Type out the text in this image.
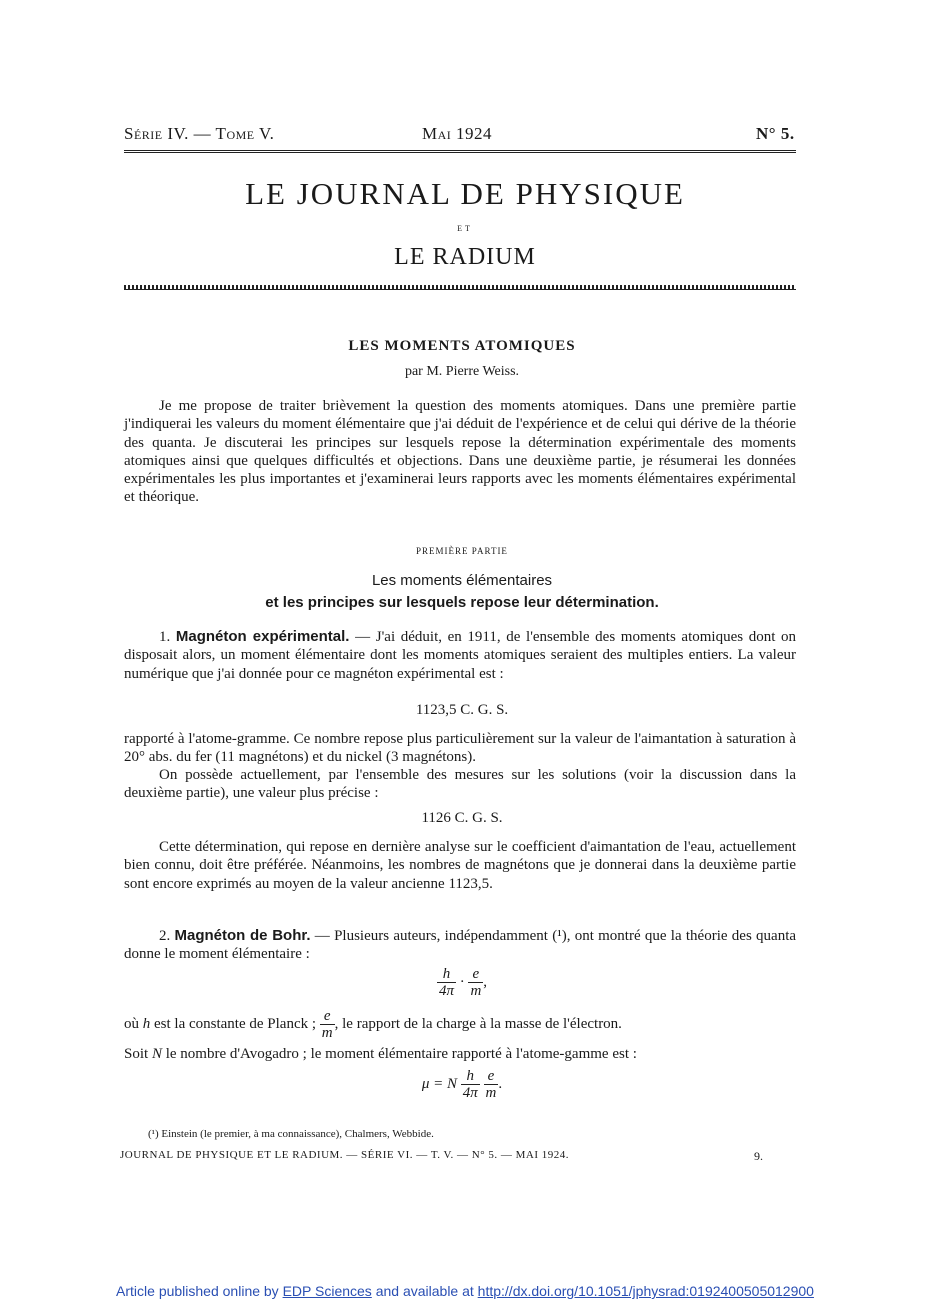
Série IV. — Tome V.	Mai 1924	N° 5.
LE JOURNAL DE PHYSIQUE
ET
LE RADIUM
LES MOMENTS ATOMIQUES
par M. Pierre Weiss.
Je me propose de traiter brièvement la question des moments atomiques. Dans une première partie j'indiquerai les valeurs du moment élémentaire que j'ai déduit de l'expérience et de celui qui dérive de la théorie des quanta. Je discuterai les principes sur lesquels repose la détermination expérimentale des moments atomiques ainsi que quelques difficultés et objections. Dans une deuxième partie, je résumerai les données expérimentales les plus importantes et j'examinerai leurs rapports avec les moments élémentaires expérimental et théorique.
PREMIÈRE PARTIE
Les moments élémentaires
et les principes sur lesquels repose leur détermination.
1. Magnéton expérimental. — J'ai déduit, en 1911, de l'ensemble des moments atomiques dont on disposait alors, un moment élémentaire dont les moments atomiques seraient des multiples entiers. La valeur numérique que j'ai donnée pour ce magnéton expérimental est :
1123,5 C. G. S.
rapporté à l'atome-gramme. Ce nombre repose plus particulièrement sur la valeur de l'aimantation à saturation à 20° abs. du fer (11 magnétons) et du nickel (3 magnétons).
On possède actuellement, par l'ensemble des mesures sur les solutions (voir la discussion dans la deuxième partie), une valeur plus précise :
1126 C. G. S.
Cette détermination, qui repose en dernière analyse sur le coefficient d'aimantation de l'eau, actuellement bien connu, doit être préférée. Néanmoins, les nombres de magnétons que je donnerai dans la deuxième partie sont encore exprimés au moyen de la valeur ancienne 1123,5.
2. Magnéton de Bohr. — Plusieurs auteurs, indépendamment (¹), ont montré que la théorie des quanta donne le moment élémentaire :
$\frac{h}{4\pi} \cdot \frac{e}{m}$ ,
où h est la constante de Planck ; $\frac{e}{m}$ , le rapport de la charge à la masse de l'électron.
Soit N le nombre d'Avogadro ; le moment élémentaire rapporté à l'atome-gamme est :
μ = N $\frac{h}{4\pi}$
$\frac{e}{m}$ .
(¹) Einstein (le premier, à ma connaissance), Chalmers, Webbide.
JOURNAL DE PHYSIQUE ET LE RADIUM. — SÉRIE VI. — T. V. — N° 5. — MAI 1924.	9.
Article published online by EDP Sciences and available at http://dx.doi.org/10.1051/jphysrad:0192400505012900
